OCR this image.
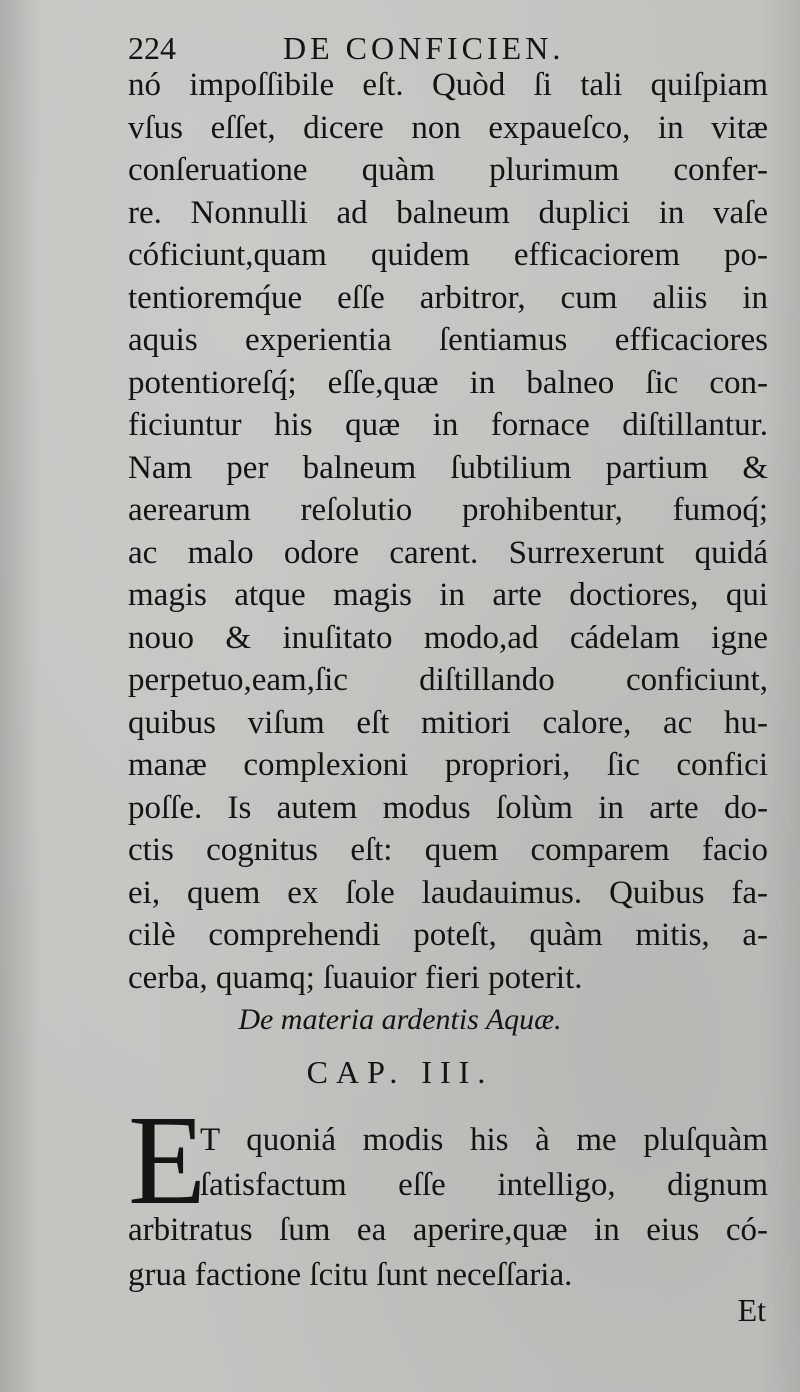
224	DE CONFICIEN.
nó impoſſibile eſt. Quòd ſi tali quiſpiam
vſus eſſet, dicere non expaueſco, in vitæ
conſeruatione quàm plurimum confer-
re. Nonnulli ad balneum duplici in vaſe
cóficiunt,quam quidem efficaciorem po-
tentioremq́ue eſſe arbitror, cum aliis in
aquis experientia ſentiamus efficaciores
potentioreſq́; eſſe,quæ in balneo ſic con-
ficiuntur his quæ in fornace diſtillantur.
Nam per balneum ſubtilium partium &
aerearum reſolutio prohibentur, fumoq́;
ac malo odore carent. Surrexerunt quidá
magis atque magis in arte doctiores, qui
nouo & inuſitato modo,ad cádelam igne
perpetuo,eam,ſic diſtillando conficiunt,
quibus viſum eſt mitiori calore, ac hu-
manæ complexioni propriori, ſic confici
poſſe. Is autem modus ſolùm in arte do-
ctis cognitus eſt: quem comparem facio
ei, quem ex ſole laudauimus. Quibus fa-
cilè comprehendi poteſt, quàm mitis, a-
cerba, quamq; ſuauior fieri poterit.
De materia ardentis Aquæ.
CAP. III.
E
T quoniá modis his à me pluſquàm
ſatisfactum eſſe intelligo, dignum
arbitratus ſum ea aperire,quæ in eius có-
grua factione ſcitu ſunt neceſſaria.
Et
